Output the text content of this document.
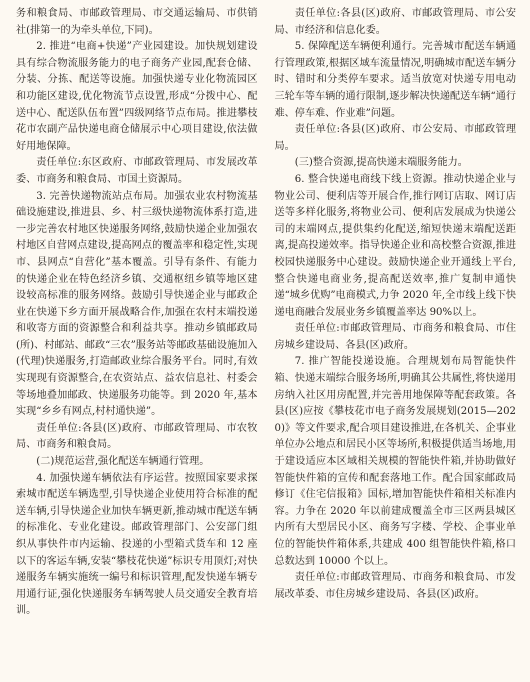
务和粮食局、市邮政管理局、市交通运输局、市供销社(排第一的为牵头单位,下同)。

2. 推进“电商+快递”产业园建设。加快规划建设具有综合物流服务能力的电子商务产业园,配套仓储、分装、分拣、配送等设施。加强快递专业化物流园区和功能区建设,优化物流节点设置,形成“分拨中心、配送中心、配送队伍布置”四级网络节点布局。推进攀枝花市农副产品快递电商仓储展示中心项目建设,依法做好用地保障。

责任单位:东区政府、市邮政管理局、市发展改革委、市商务和粮食局、市国土资源局。

3. 完善快递物流站点布局。加强农业农村物流基础设施建设,推进县、乡、村三级快递物流体系打造,进一步完善农村地区快递服务网络,鼓励快递企业加强农村地区自营网点建设,提高网点的覆盖率和稳定性,实现市、县网点“自营化”基本覆盖。引导有条件、有能力的快递企业在特色经济乡镇、交通枢纽乡镇等地区建设较高标准的服务网络。鼓励引导快递企业与邮政企业在快递下乡方面开展战略合作,加强在农村末端投递和收寄方面的资源整合和利益共享。推动乡镇邮政局(所)、村邮站、邮政“三农”服务站等邮政基础设施加入(代理)快递服务,打造邮政业综合服务平台。同时,有效实现现有资源整合,在农资站点、益农信息社、村委会等场地叠加邮政、快递服务功能等。到 2020 年,基本实现“乡乡有网点,村村通快递”。

责任单位:各县(区)政府、市邮政管理局、市农牧局、市商务和粮食局。

(二)规范运营,强化配送车辆通行管理。

4. 加强快递车辆依法有序运营。按照国家要求探索城市配送车辆选型,引导快递企业使用符合标准的配送车辆,引导快递企业加快车辆更新,推动城市配送车辆的标准化、专业化建设。邮政管理部门、公安部门组织从事快件市内运输、投递的小型箱式货车和 12 座以下的客运车辆,安装“攀枝花快递”标识专用顶灯;对快递服务车辆实施统一编号和标识管理,配发快递车辆专用通行证,强化快递服务车辆驾驶人员交通安全教育培训。

责任单位:各县(区)政府、市邮政管理局、市公安局、市经济和信息化委。

5. 保障配送车辆便利通行。完善城市配送车辆通行管理政策,根据区域车流量情况,明确城市配送车辆分时、错时和分类停车要求。适当放宽对快递专用电动三轮车等车辆的通行限制,逐步解决快递配送车辆“通行难、停车难、作业难”问题。

责任单位:各县(区)政府、市公安局、市邮政管理局。

(三)整合资源,提高快递末端服务能力。

6. 整合快递电商线下线上资源。推动快递企业与物业公司、便利店等开展合作,推行网订店取、网订店送等多样化服务,将物业公司、便利店发展成为快递公司的末端网点,提供集约化配送,缩短快递末端配送距离,提高投递效率。指导快递企业和高校整合资源,推进校园快递服务中心建设。鼓励快递企业开通线上平台,整合快递电商业务,提高配送效率,推广复制申通快递“城乡优购”电商模式,力争 2020 年,全市线上线下快递电商融合发展业务乡镇覆盖率达 90%以上。

责任单位:市邮政管理局、市商务和粮食局、市住房城乡建设局、各县(区)政府。

7. 推广智能投递设施。合理规划布局智能快件箱、快递末端综合服务场所,明确其公共属性,将快递用房纳入社区用房配置,并完善用地保障等配套政策。各县(区)应按《攀枝花市电子商务发展规划(2015—2020)》等文件要求,配合项目建设推进,在各机关、企事业单位办公地点和居民小区等场所,积极提供适当场地,用于建设适应本区域相关规模的智能快件箱,并协助做好智能快件箱的宣传和配套落地工作。配合国家邮政局修订《住宅信报箱》国标,增加智能快件箱相关标准内容。力争在 2020 年以前建成覆盖全市三区两县城区内所有大型居民小区、商务写字楼、学校、企事业单位的智能快件箱体系,共建成 400 组智能快件箱,格口总数达到 10000 个以上。

责任单位:市邮政管理局、市商务和粮食局、市发展改革委、市住房城乡建设局、各县(区)政府。
